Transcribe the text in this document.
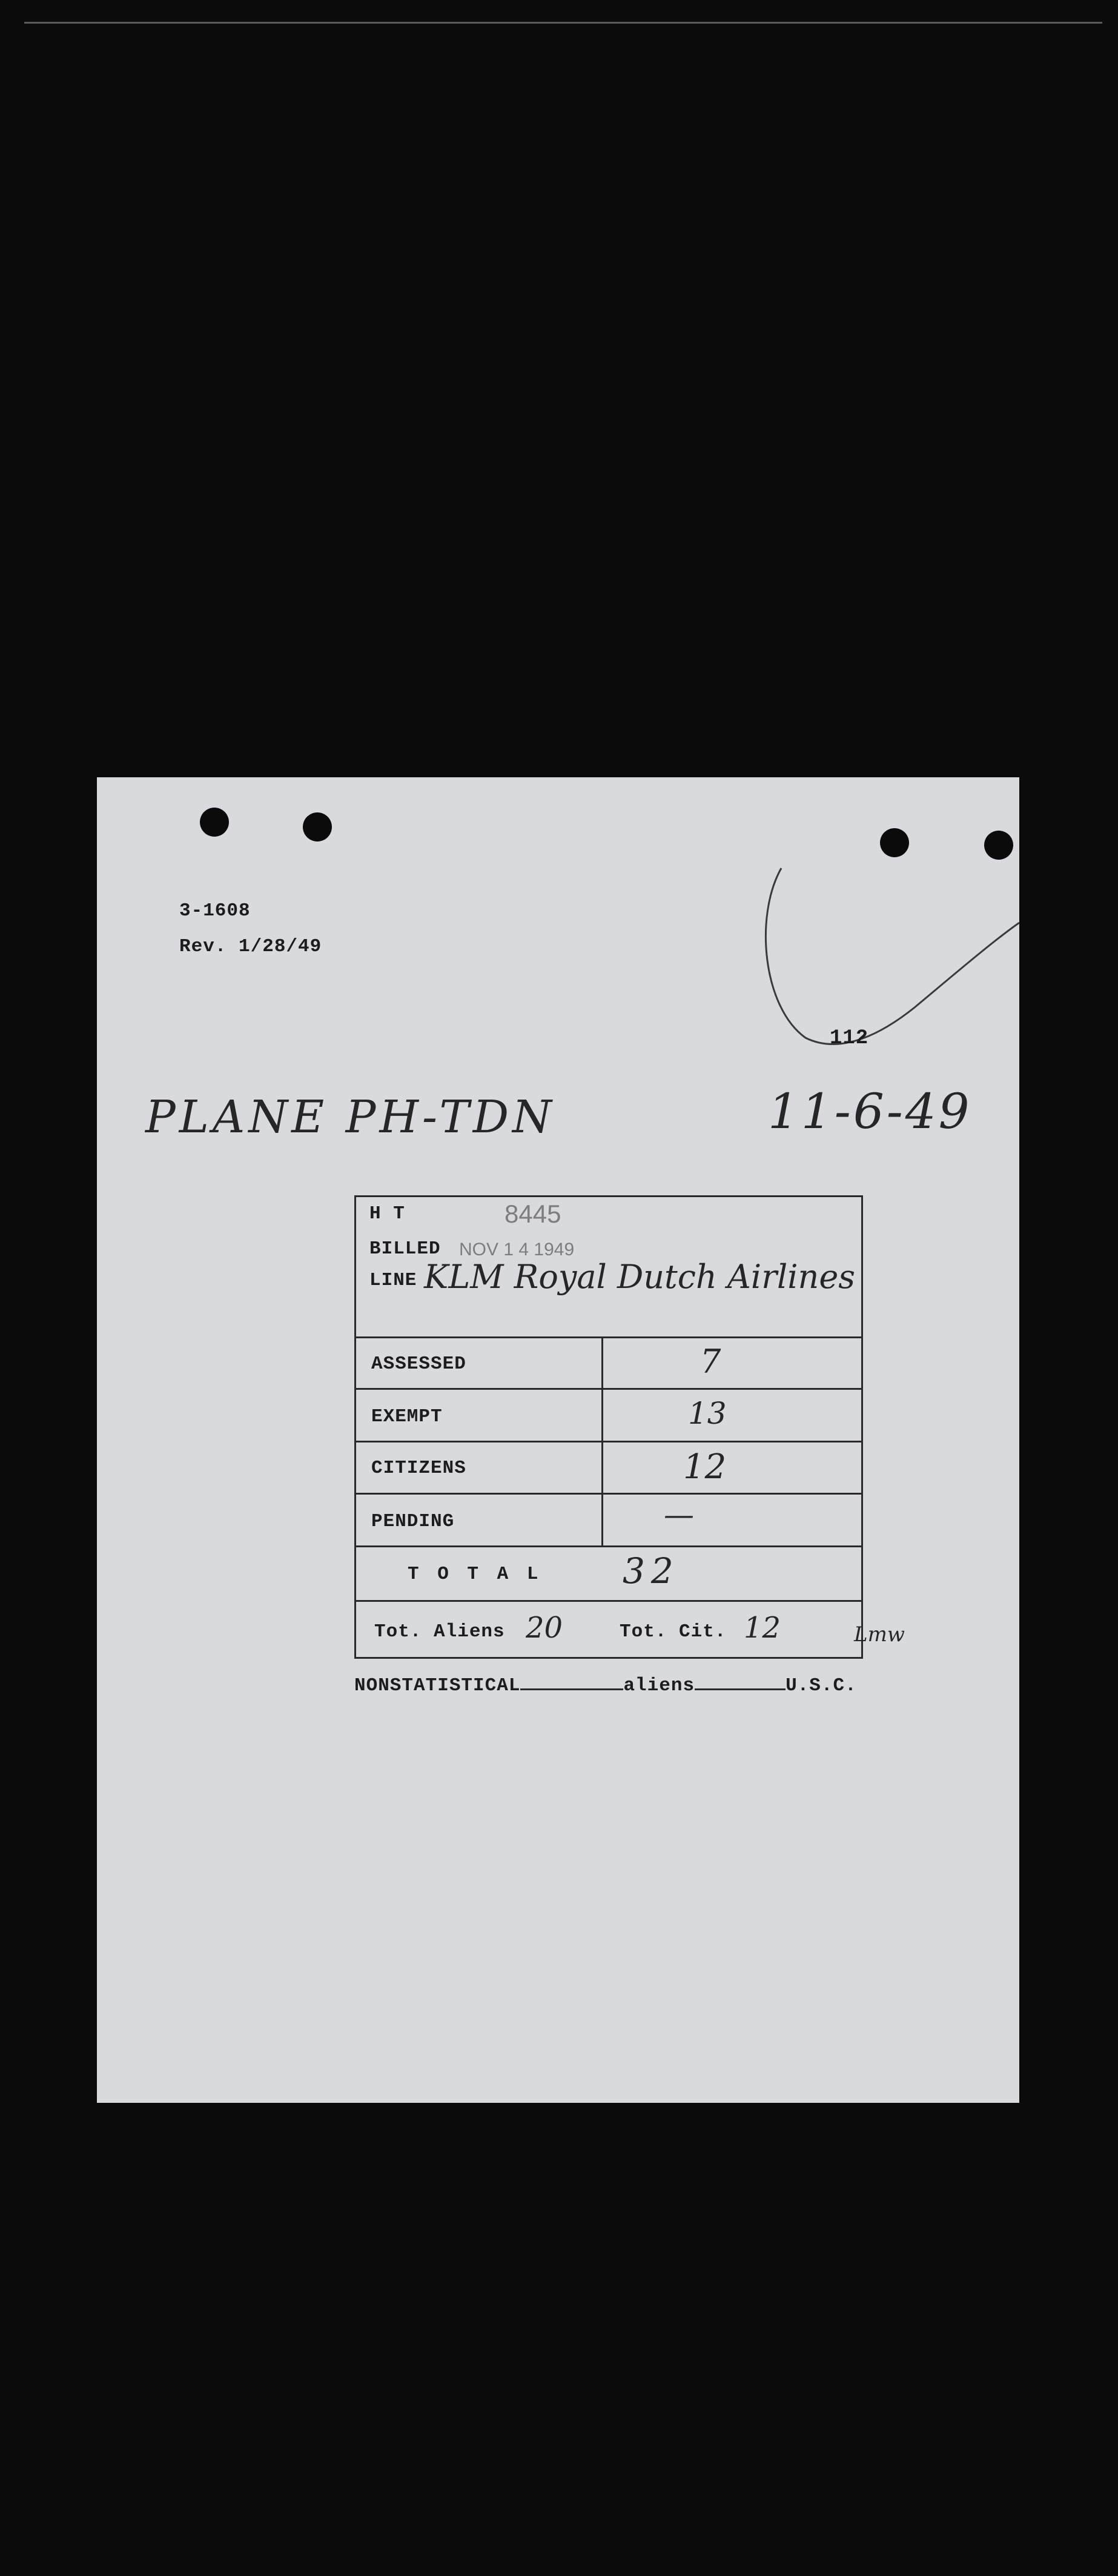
3-1608
Rev. 1/28/49
112
PLANE PH-TDN	11-6-49
H T	8445
BILLED NOV 1 4 1949
LINE KLM Royal Dutch Airlines
ASSESSED	7
EXEMPT	13
CITIZENS	12
PENDING	—
T O T A L 32
Tot. Aliens 20	Tot. Cit. 12	Lmw
NONSTATISTICAL	aliens	U.S.C.
